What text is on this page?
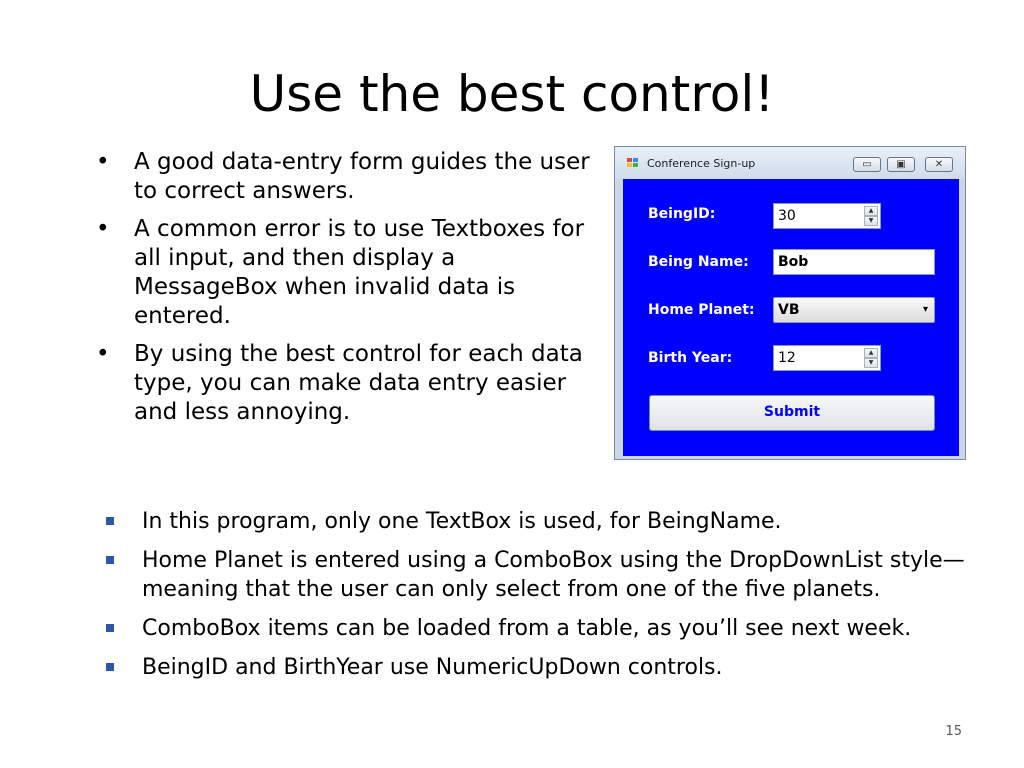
Use the best control!
• A good data-entry form guides the user to correct answers.
• A common error is to use Textboxes for all input, and then display a MessageBox when invalid data is entered.
• By using the best control for each data type, you can make data entry easier and less annoying.
Conference Sign-up	▭	▣	✕
BeingID:	30	▲
▼
Being Name:	Bob
Home Planet:	VB	▾
Birth Year:	12	▲
▼
Submit
In this program, only one TextBox is used, for BeingName.
Home Planet is entered using a ComboBox using the DropDownList style—meaning that the user can only select from one of the five planets.
ComboBox items can be loaded from a table, as you’ll see next week.
BeingID and BirthYear use NumericUpDown controls.
15
